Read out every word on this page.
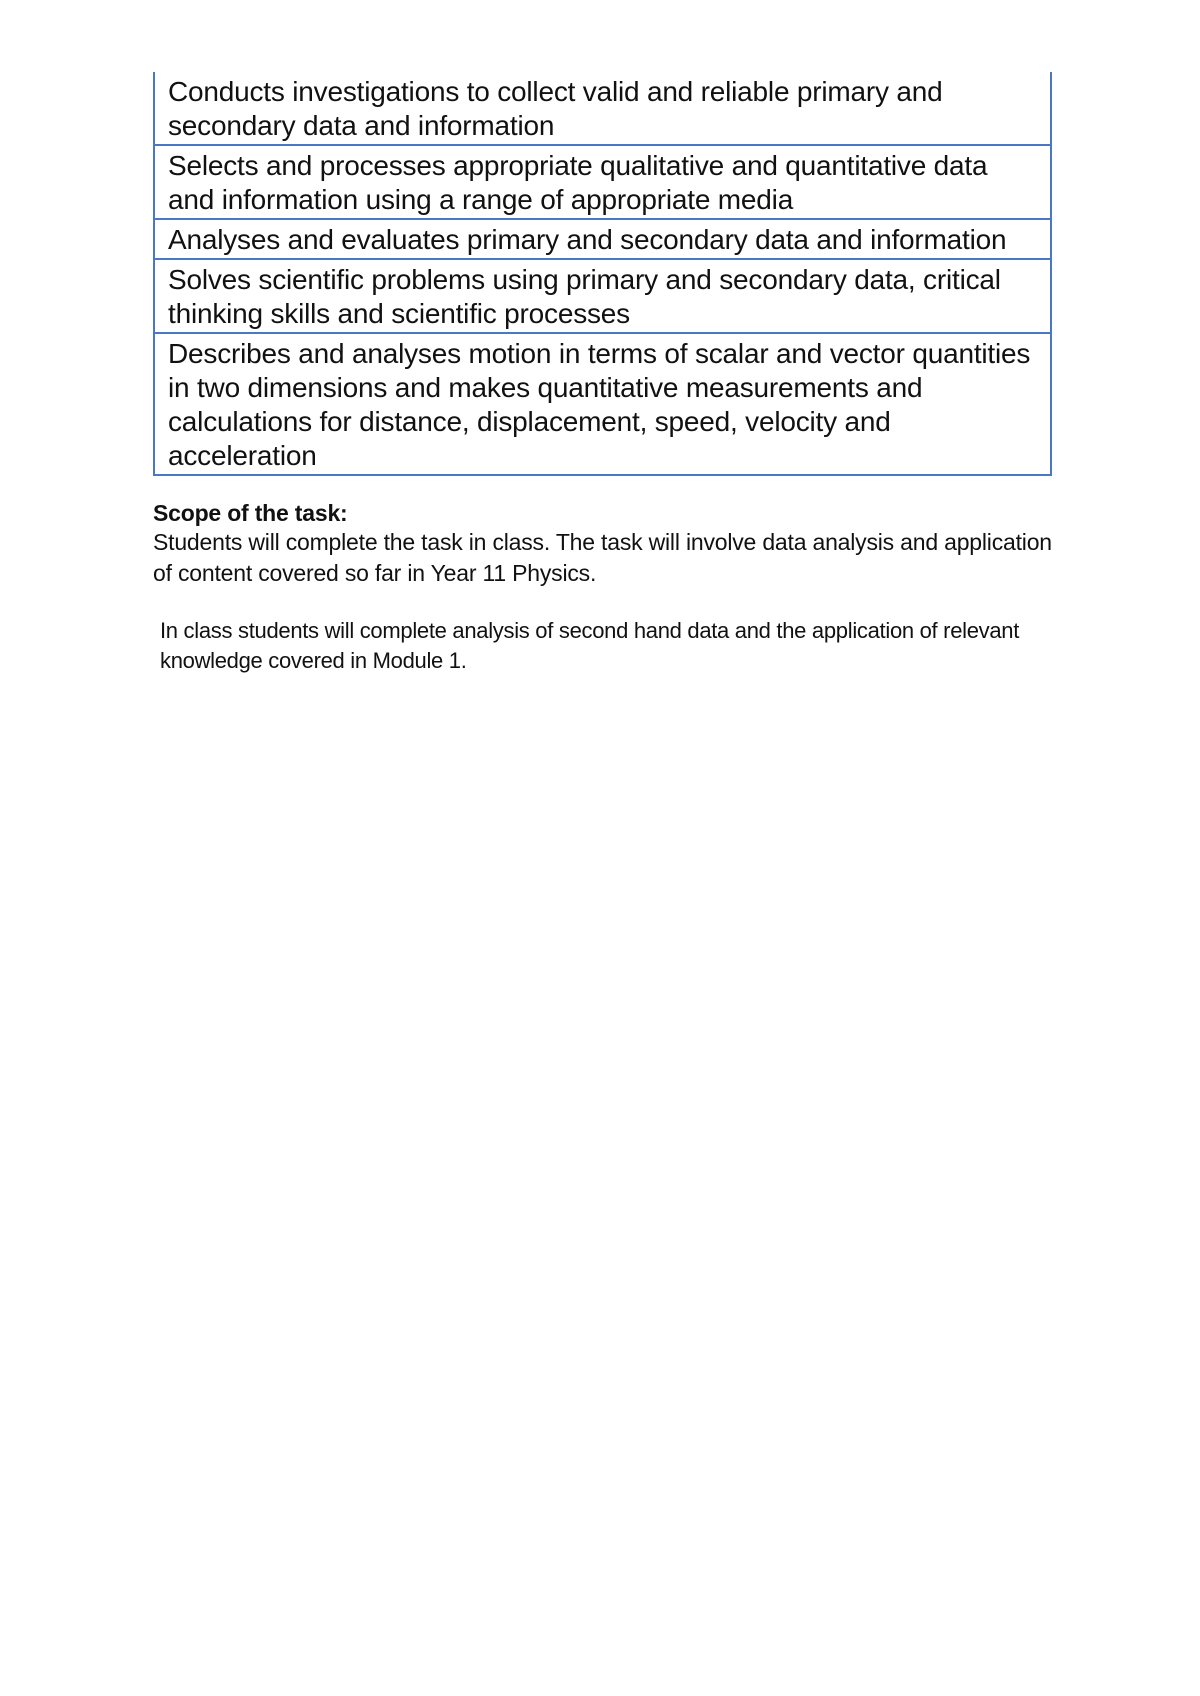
Conducts investigations to collect valid and reliable primary and secondary data and information
Selects and processes appropriate qualitative and quantitative data and information using a range of appropriate media
Analyses and evaluates primary and secondary data and information
Solves scientific problems using primary and secondary data, critical thinking skills and scientific processes
Describes and analyses motion in terms of scalar and vector quantities in two dimensions and makes quantitative measurements and calculations for distance, displacement, speed, velocity and acceleration
Scope of the task:
Students will complete the task in class. The task will involve data analysis and application of content covered so far in Year 11 Physics.
In class students will complete analysis of second hand data and the application of relevant knowledge covered in Module 1.
